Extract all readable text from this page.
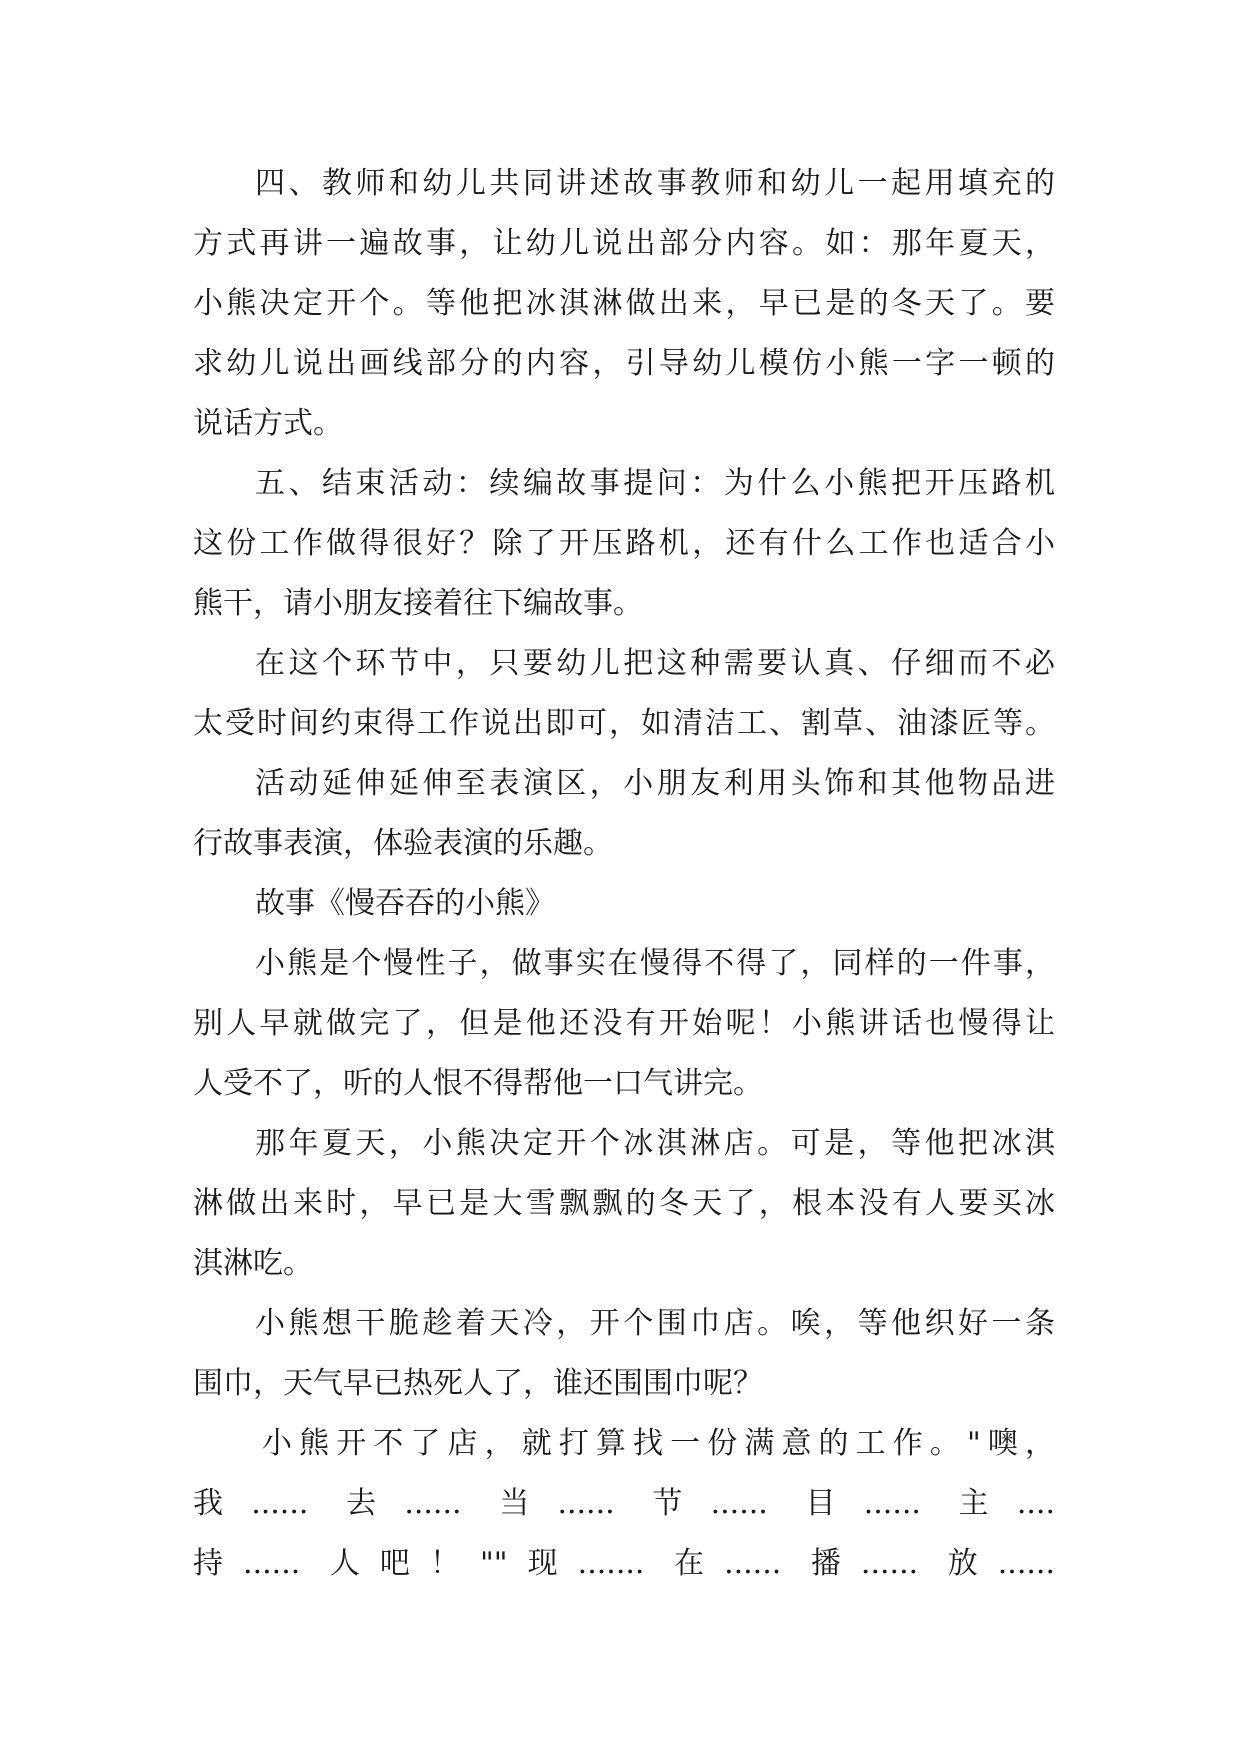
四、教师和幼儿共同讲述故事教师和幼儿一起用填充的
方式再讲一遍故事，让幼儿说出部分内容。如：那年夏天，
小熊决定开个。等他把冰淇淋做出来，早已是的冬天了。要
求幼儿说出画线部分的内容，引导幼儿模仿小熊一字一顿的
说话方式。
五、结束活动：续编故事提问：为什么小熊把开压路机
这份工作做得很好？除了开压路机，还有什么工作也适合小
熊干，请小朋友接着往下编故事。
在这个环节中，只要幼儿把这种需要认真、仔细而不必
太受时间约束得工作说出即可，如清洁工、割草、油漆匠等。
活动延伸延伸至表演区，小朋友利用头饰和其他物品进
行故事表演，体验表演的乐趣。
故事《慢吞吞的小熊》
小熊是个慢性子，做事实在慢得不得了，同样的一件事，
别人早就做完了，但是他还没有开始呢！小熊讲话也慢得让
人受不了，听的人恨不得帮他一口气讲完。
那年夏天，小熊决定开个冰淇淋店。可是，等他把冰淇
淋做出来时，早已是大雪飘飘的冬天了，根本没有人要买冰
淇淋吃。
小熊想干脆趁着天冷，开个围巾店。唉，等他织好一条
围巾，天气早已热死人了，谁还围围巾呢？
小熊开不了店，就打算找一份满意的工作。"噢，
我...... 去...... 当...... 节...... 目...... 主....
持...... 人吧！""现....... 在...... 播...... 放......
